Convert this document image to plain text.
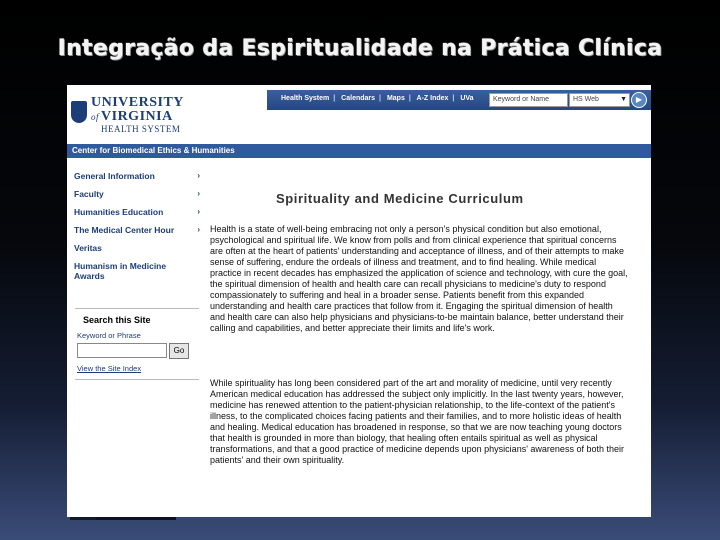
Integração da Espiritualidade na Prática Clínica
UNIVERSITY
of VIRGINIA
HEALTH SYSTEM
Health System | Calendars | Maps | A-Z Index | UVa	Keyword or Name	HS Web	▼	▶
Center for Biomedical Ethics & Humanities
General Information	›
Faculty	›
Humanities Education	›
The Medical Center Hour	›
Veritas
Humanism in Medicine Awards
Search this Site
Keyword or Phrase
Go
View the Site Index
Spirituality and Medicine Curriculum
Health is a state of well-being embracing not only a person's physical condition but also emotional, psychological and spiritual life. We know from polls and from clinical experience that spiritual concerns are often at the heart of patients' understanding and acceptance of illness, and of their attempts to make sense of suffering, endure the ordeals of illness and treatment, and to find healing. While medical practice in recent decades has emphasized the application of science and technology, with cure the goal, the spiritual dimension of health and health care can recall physicians to medicine's duty to respond compassionately to suffering and heal in a broader sense. Patients benefit from this expanded understanding and health care practices that follow from it. Engaging the spiritual dimension of health and health care can also help physicians and physicians-to-be maintain balance, better understand their calling and capabilities, and better appreciate their limits and life's work.
While spirituality has long been considered part of the art and morality of medicine, until very recently American medical education has addressed the subject only implicitly. In the last twenty years, however, medicine has renewed attention to the patient-physician relationship, to the life-context of the patient's illness, to the complicated choices facing patients and their families, and to more holistic ideas of health and healing. Medical education has broadened in response, so that we are now teaching young doctors that health is grounded in more than biology, that healing often entails spiritual as well as physical transformations, and that a good practice of medicine depends upon physicians' awareness of both their patients' and their own spirituality.
